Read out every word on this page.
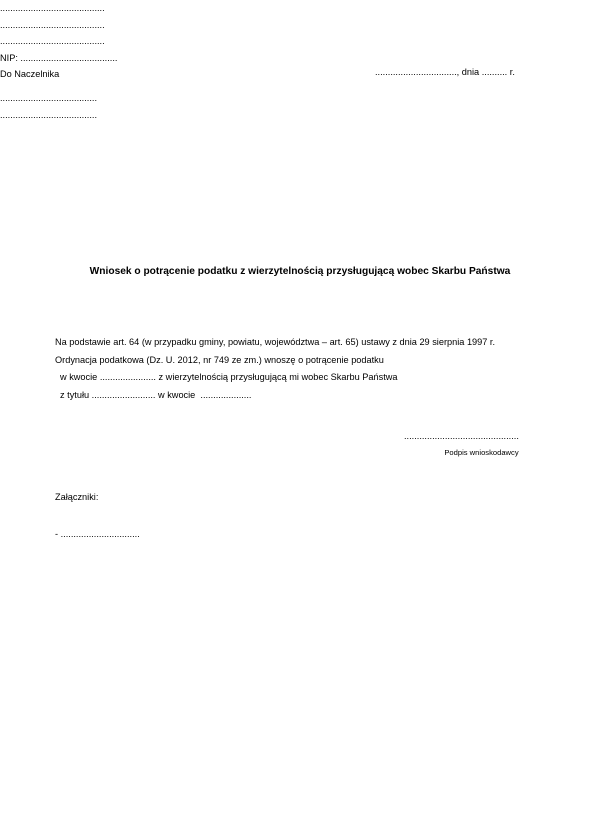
................................, dnia .......... r.
.........................................
.........................................
.........................................
NIP: ......................................
Do Naczelnika
......................................
......................................
Wniosek o potrącenie podatku z wierzytelnością przysługującą wobec Skarbu Państwa
Na podstawie art. 64 (w przypadku gminy, powiatu, województwa – art. 65) ustawy z dnia 29 sierpnia 1997 r.
Ordynacja podatkowa (Dz. U. 2012, nr 749 ze zm.) wnoszę o potrącenie podatku
w kwocie ...................... z wierzytelnością przysługującą mi wobec Skarbu Państwa
z tytułu ......................... w kwocie  ....................
.............................................
Podpis wnioskodawcy
Załączniki:
- ...............................
